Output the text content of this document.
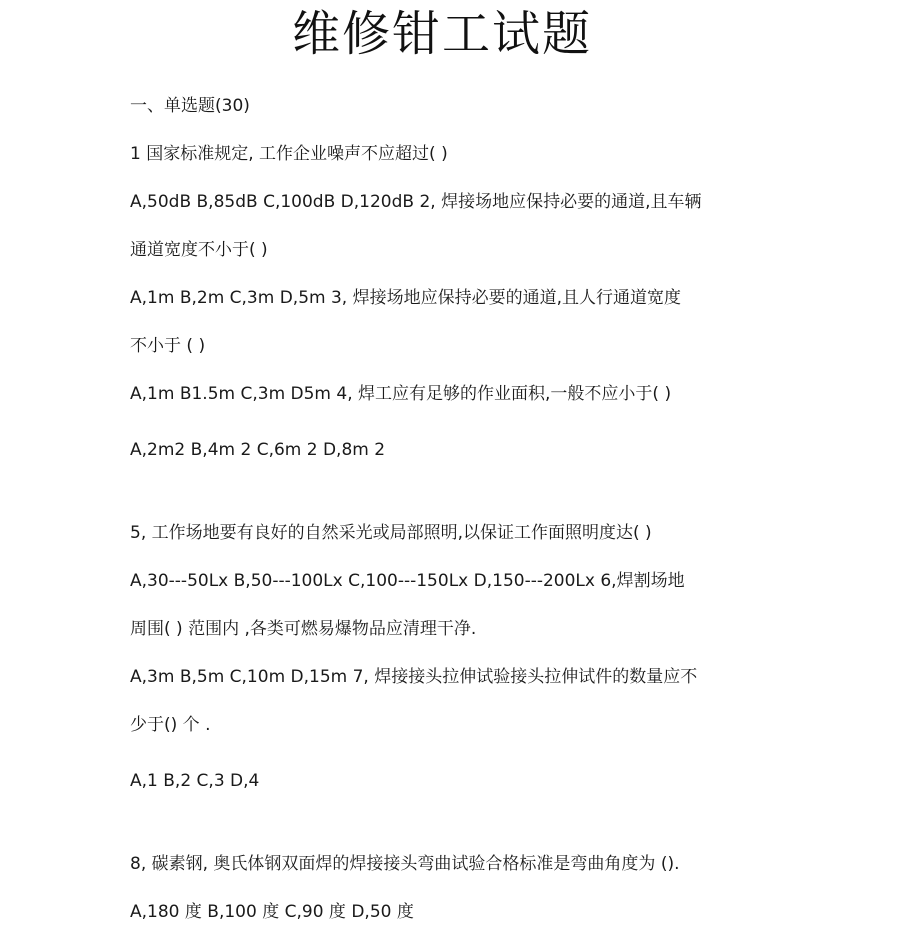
维修钳工试题
一、单选题(30)
1 国家标准规定, 工作企业噪声不应超过( )
A,50dB B,85dB C,100dB D,120dB 2, 焊接场地应保持必要的通道,且车辆
通道宽度不小于( )
A,1m B,2m C,3m D,5m 3, 焊接场地应保持必要的通道,且人行通道宽度
不小于 ( )
A,1m B1.5m C,3m D5m 4, 焊工应有足够的作业面积,一般不应小于( )
A,2m2 B,4m 2 C,6m 2 D,8m 2
5, 工作场地要有良好的自然采光或局部照明,以保证工作面照明度达( )
A,30---50Lx B,50---100Lx C,100---150Lx D,150---200Lx 6,焊割场地
周围( ) 范围内 ,各类可燃易爆物品应清理干净.
A,3m B,5m C,10m D,15m 7, 焊接接头拉伸试验接头拉伸试件的数量应不
少于() 个 .
A,1 B,2 C,3 D,4
8, 碳素钢, 奥氏体钢双面焊的焊接接头弯曲试验合格标准是弯曲角度为 ().
A,180 度 B,100 度 C,90 度 D,50 度
